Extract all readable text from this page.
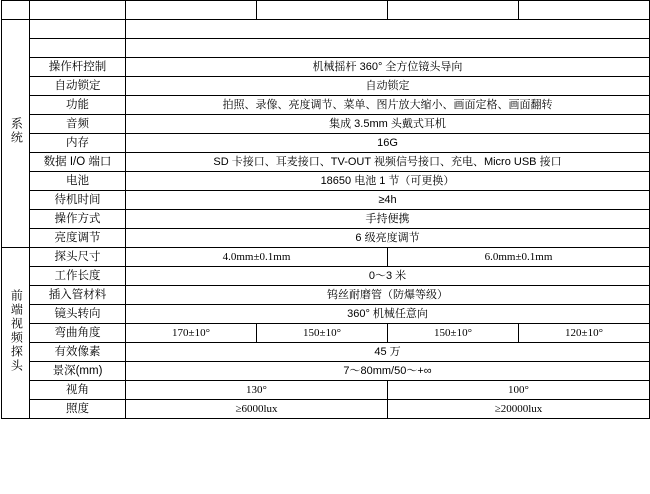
系统					

	操作杆控制	机械摇杆 360° 全方位镜头导向			
	自动锁定	自动锁定			
	功能	拍照、录像、亮度调节、菜单、图片放大缩小、画面定格、画面翻转			
	音频	集成 3.5mm 头戴式耳机			
	内存	16G			
	数据 I/O 端口	SD 卡接口、耳麦接口、TV-OUT 视频信号接口、充电、Micro USB 接口			
	电池	18650 电池 1 节（可更换）			
	待机时间	≥4h			
	操作方式	手持便携			
	亮度调节	6 级亮度调节			
前端视频探头	探头尺寸	4.0mm±0.1mm		6.0mm±0.1mm	
	工作长度	0～3 米			
	插入管材料	钨丝耐磨管（防爆等级）			
	镜头转向	360° 机械任意向			
	弯曲角度	170±10°	150±10°	150±10°	120±10°
	有效像素	45 万			
	景深(mm)	7～80mm/50～+∞			
	视角	130°		100°	
	照度	≥6000lux		≥20000lux	
